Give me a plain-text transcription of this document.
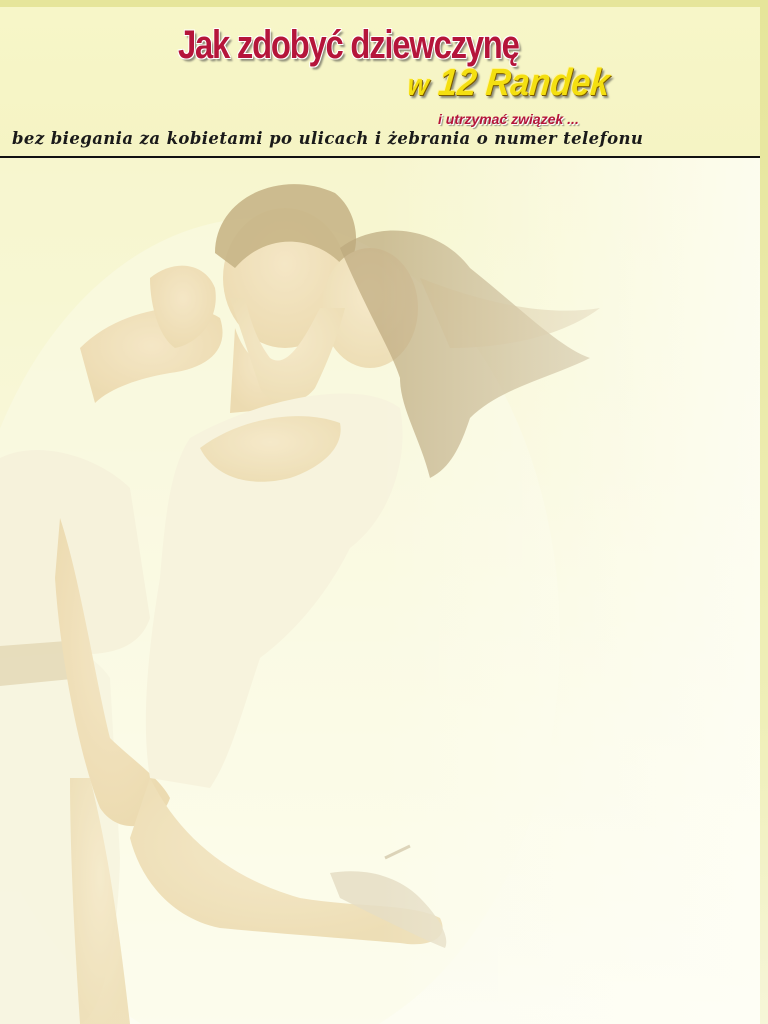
Jak zdobyć dziewczynę
w 12 Randek
i utrzymać związek ...

bez biegania za kobietami po ulicach i żebrania o numer telefonu
